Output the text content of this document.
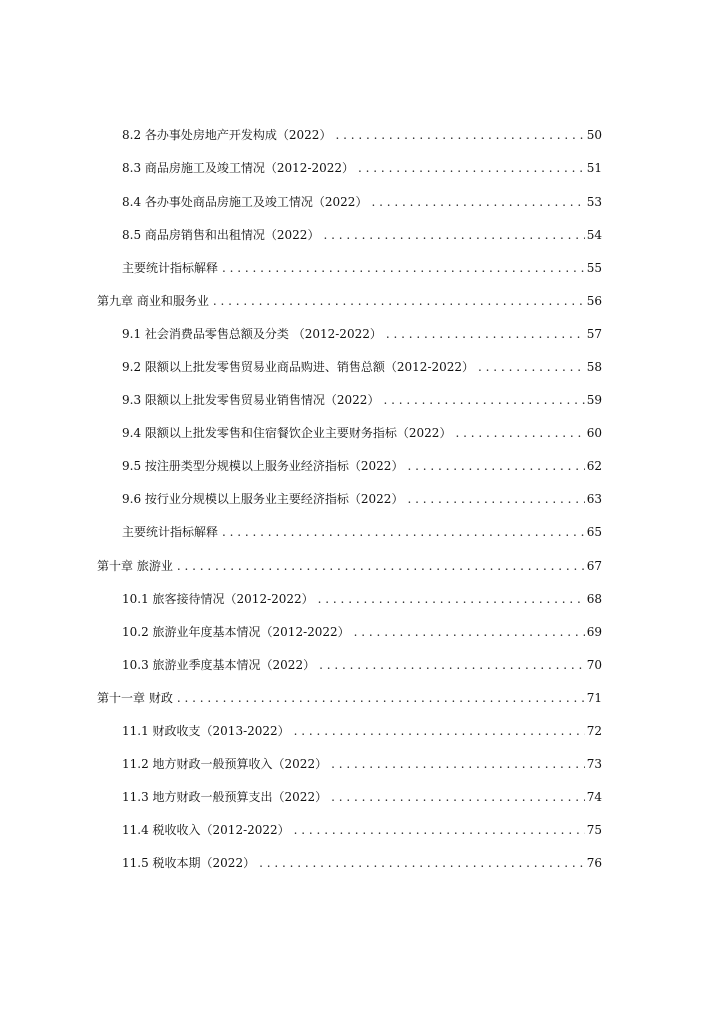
8.2 各办事处房地产开发构成（2022） . . .	50
8.3 商品房施工及竣工情况（2012-2022） . . .	51
8.4 各办事处商品房施工及竣工情况（2022） . . .	53
8.5 商品房销售和出租情况（2022） . . .	54
主要统计指标解释 . . .	55
第九章 商业和服务业 . . .	56
9.1 社会消费品零售总额及分类 （2012-2022） . . .	57
9.2 限额以上批发零售贸易业商品购进、销售总额（2012-2022） . . .	58
9.3 限额以上批发零售贸易业销售情况（2022） . . .	59
9.4 限额以上批发零售和住宿餐饮企业主要财务指标（2022） . . .	60
9.5 按注册类型分规模以上服务业经济指标（2022） . . .	62
9.6 按行业分规模以上服务业主要经济指标（2022） . . .	63
主要统计指标解释 . . .	65
第十章 旅游业 . . .	67
10.1 旅客接待情况（2012-2022） . . .	68
10.2 旅游业年度基本情况（2012-2022） . . .	69
10.3 旅游业季度基本情况（2022） . . .	70
第十一章 财政 . . .	71
11.1 财政收支（2013-2022） . . .	72
11.2 地方财政一般预算收入（2022） . . .	73
11.3 地方财政一般预算支出（2022） . . .	74
11.4 税收收入（2012-2022） . . .	75
11.5 税收本期（2022） . . .	76
